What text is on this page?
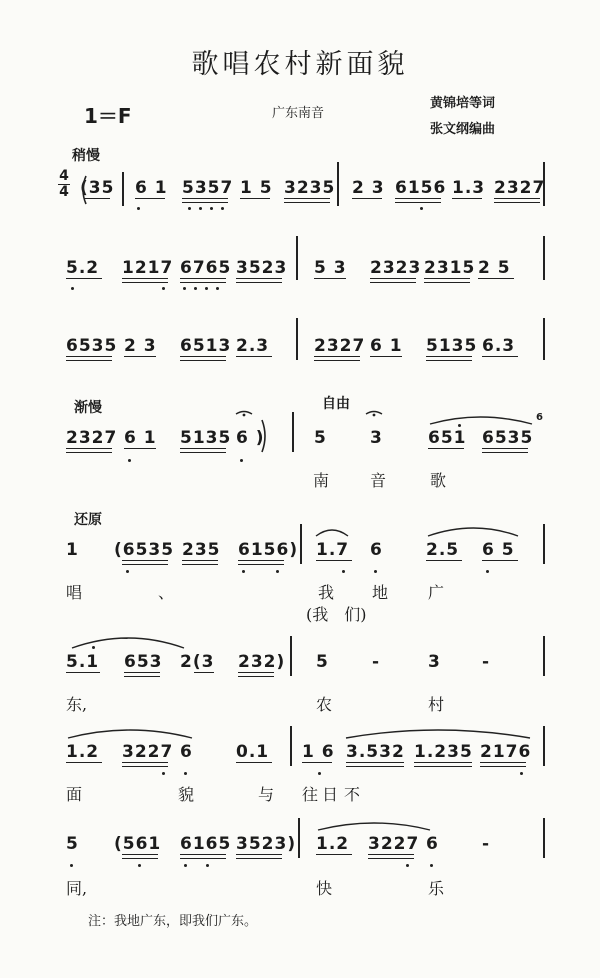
歌唱农村新面貌
1＝F	广东南音
黄锦培等词
张文纲编曲
稍慢
4
4 (35 6 1 5357 1 5 3235 2 3 6156 1.3 2327
5.2 1217 6765 3523 5 3 2323 2315 2 5
6535 2 3 6513 2.3	2327 6 1 5135 6.3
渐慢	自由
2327 6 1 5135 6 )	5	3	651 6535
6
南	音	歌
还原
1 (6535 235 6156) 1.7 6	2.5 6 5
唱	、	我 地 广
(我　们)
5.1 653 2(3 232) 5	-	3 -
东,	农	村
1.2 3227 6	0.1 1 6 3.532 1.235 2176
面	貌	与 往 日 不
5 (561 6165 3523) 1.2 3227 6	-
同,	快	乐
注：我地广东，即我们广东。
